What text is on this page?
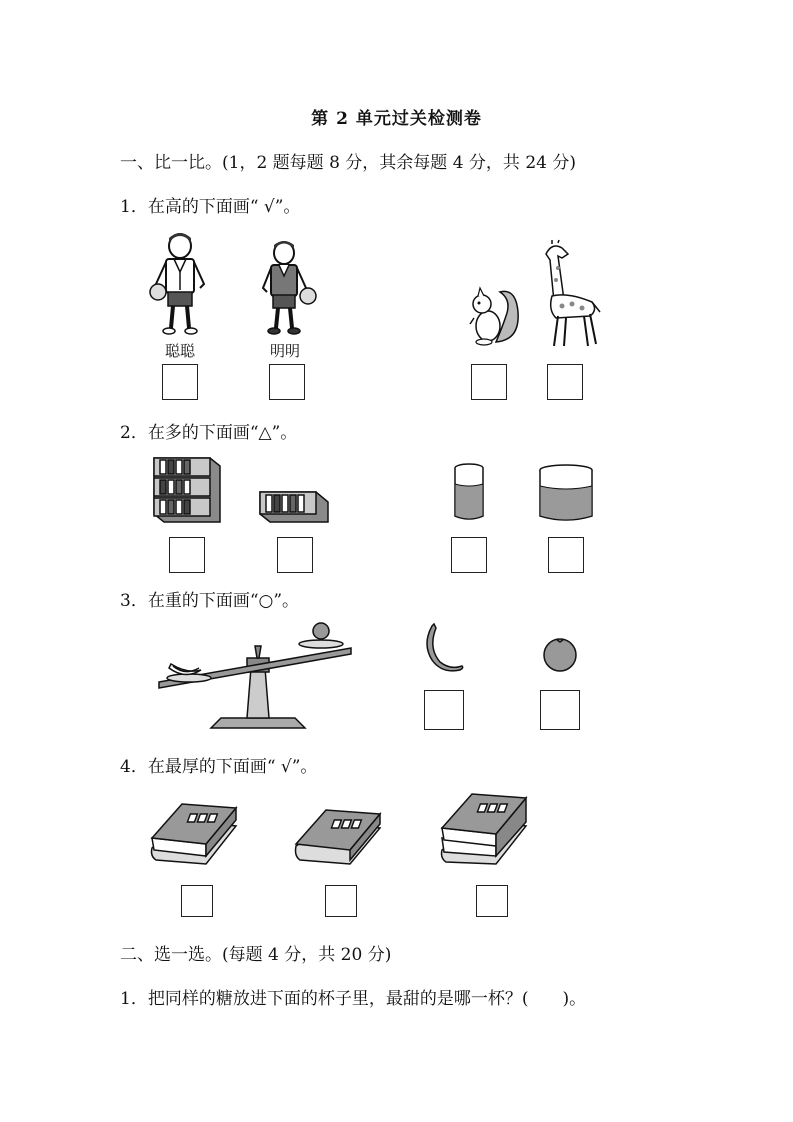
第 2 单元过关检测卷
一、比一比。(1，2 题每题 8 分，其余每题 4 分，共 24 分)
1．在高的下面画“ √”。
聪聪	明明
2．在多的下面画“△”。
3．在重的下面画“○”。
4．在最厚的下面画“ √”。
二、选一选。(每题 4 分，共 20 分)
1．把同样的糖放进下面的杯子里，最甜的是哪一杯？(　　)。
